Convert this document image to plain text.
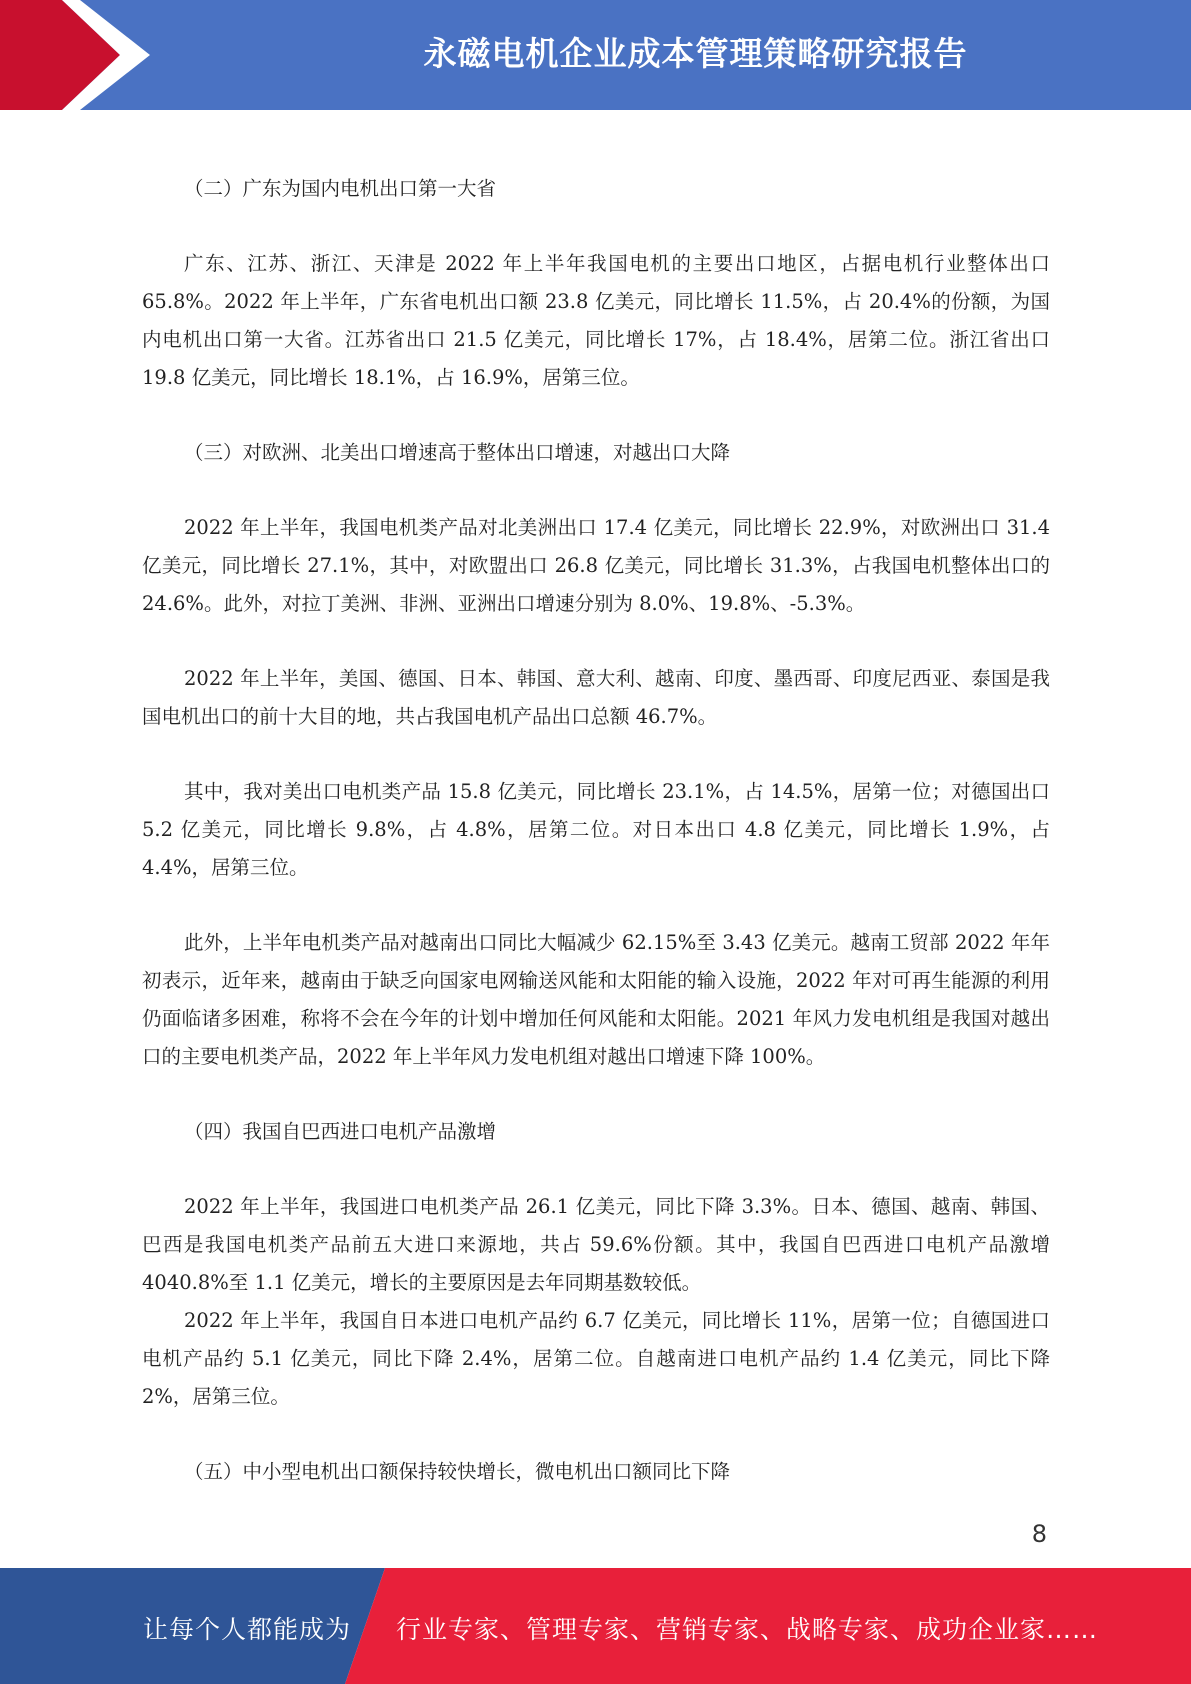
永磁电机企业成本管理策略研究报告

（二）广东为国内电机出口第一大省

广东、江苏、浙江、天津是 2022 年上半年我国电机的主要出口地区，占据电机行业整体出口 65.8%。2022 年上半年，广东省电机出口额 23.8 亿美元，同比增长 11.5%，占 20.4%的份额，为国内电机出口第一大省。江苏省出口 21.5 亿美元，同比增长 17%，占 18.4%，居第二位。浙江省出口 19.8 亿美元，同比增长 18.1%，占 16.9%，居第三位。

（三）对欧洲、北美出口增速高于整体出口增速，对越出口大降

2022 年上半年，我国电机类产品对北美洲出口 17.4 亿美元，同比增长 22.9%，对欧洲出口 31.4 亿美元，同比增长 27.1%，其中，对欧盟出口 26.8 亿美元，同比增长 31.3%，占我国电机整体出口的 24.6%。此外，对拉丁美洲、非洲、亚洲出口增速分别为 8.0%、19.8%、-5.3%。

2022 年上半年，美国、德国、日本、韩国、意大利、越南、印度、墨西哥、印度尼西亚、泰国是我国电机出口的前十大目的地，共占我国电机产品出口总额 46.7%。

其中，我对美出口电机类产品 15.8 亿美元，同比增长 23.1%，占 14.5%，居第一位；对德国出口 5.2 亿美元，同比增长 9.8%，占 4.8%，居第二位。对日本出口 4.8 亿美元，同比增长 1.9%，占 4.4%，居第三位。

此外，上半年电机类产品对越南出口同比大幅减少 62.15%至 3.43 亿美元。越南工贸部 2022 年年初表示，近年来，越南由于缺乏向国家电网输送风能和太阳能的输入设施，2022 年对可再生能源的利用仍面临诸多困难，称将不会在今年的计划中增加任何风能和太阳能。2021 年风力发电机组是我国对越出口的主要电机类产品，2022 年上半年风力发电机组对越出口增速下降 100%。

（四）我国自巴西进口电机产品激增

2022 年上半年，我国进口电机类产品 26.1 亿美元，同比下降 3.3%。日本、德国、越南、韩国、巴西是我国电机类产品前五大进口来源地，共占 59.6%份额。其中，我国自巴西进口电机产品激增 4040.8%至 1.1 亿美元，增长的主要原因是去年同期基数较低。

2022 年上半年，我国自日本进口电机产品约 6.7 亿美元，同比增长 11%，居第一位；自德国进口电机产品约 5.1 亿美元，同比下降 2.4%，居第二位。自越南进口电机产品约 1.4 亿美元，同比下降 2%，居第三位。

（五）中小型电机出口额保持较快增长，微电机出口额同比下降

8
让每个人都能成为 行业专家、管理专家、营销专家、战略专家、成功企业家……
